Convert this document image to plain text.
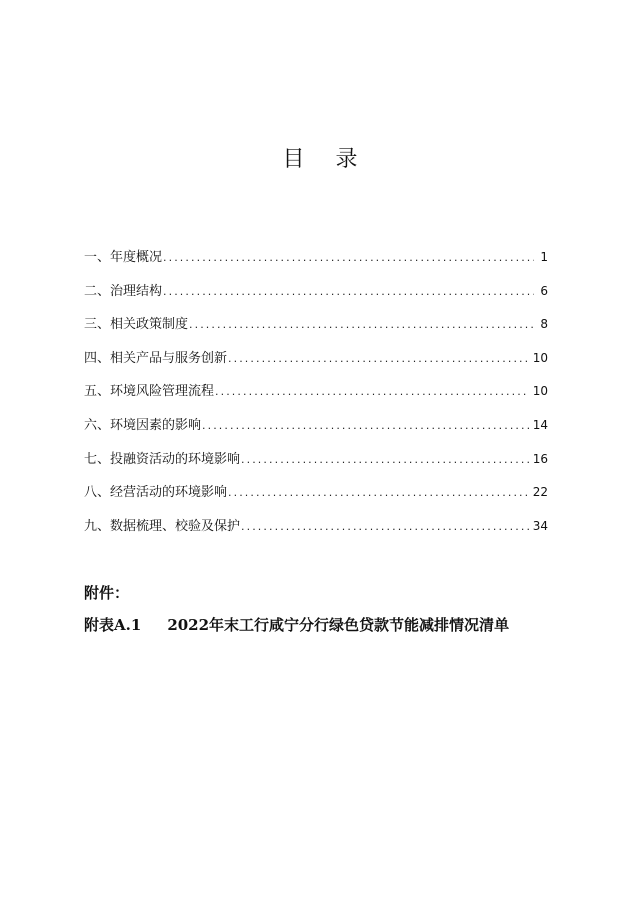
目 录
一、年度概况 .....	1
二、治理结构 .....	6
三、相关政策制度 .....	8
四、相关产品与服务创新 .....	10
五、环境风险管理流程 .....	10
六、环境因素的影响 .....	14
七、投融资活动的环境影响 .....	16
八、经营活动的环境影响 .....	22
九、数据梳理、校验及保护 .....	34
附件：
附表A.1 2022年末工行咸宁分行绿色贷款节能减排情况清单
